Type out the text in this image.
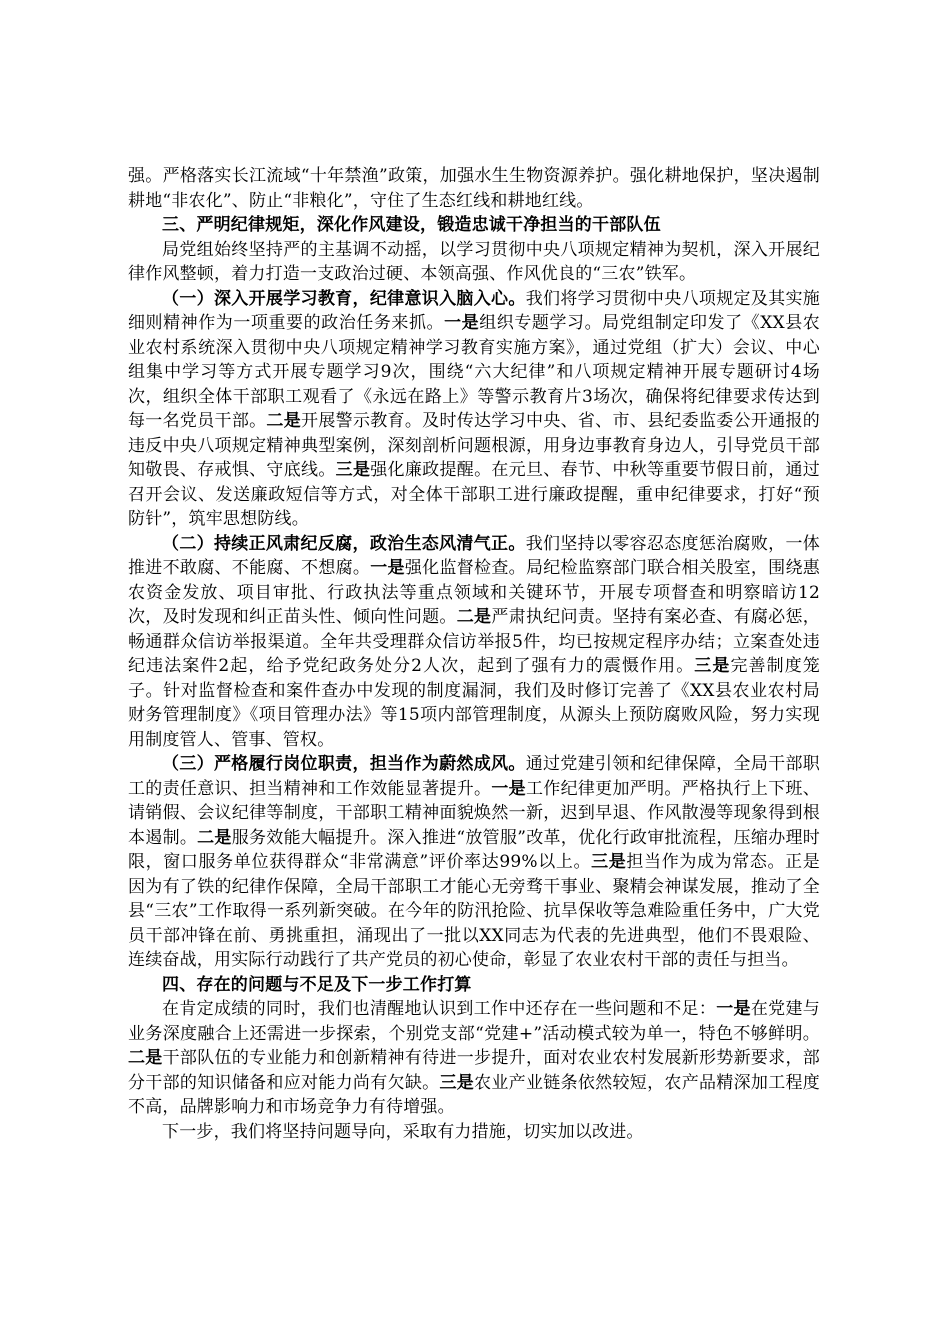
强。严格落实长江流域“十年禁渔”政策，加强水生生物资源养护。强化耕地保护，坚决遏制耕地“非农化”、防止“非粮化”，守住了生态红线和耕地红线。

三、严明纪律规矩，深化作风建设，锻造忠诚干净担当的干部队伍

局党组始终坚持严的主基调不动摇，以学习贯彻中央八项规定精神为契机，深入开展纪律作风整顿，着力打造一支政治过硬、本领高强、作风优良的“三农”铁军。

（一）深入开展学习教育，纪律意识入脑入心。我们将学习贯彻中央八项规定及其实施细则精神作为一项重要的政治任务来抓。一是组织专题学习。局党组制定印发了《XX县农业农村系统深入贯彻中央八项规定精神学习教育实施方案》，通过党组（扩大）会议、中心组集中学习等方式开展专题学习9次，围绕“六大纪律”和八项规定精神开展专题研讨4场次，组织全体干部职工观看了《永远在路上》等警示教育片3场次，确保将纪律要求传达到每一名党员干部。二是开展警示教育。及时传达学习中央、省、市、县纪委监委公开通报的违反中央八项规定精神典型案例，深刻剖析问题根源，用身边事教育身边人，引导党员干部知敬畏、存戒惧、守底线。三是强化廉政提醒。在元旦、春节、中秋等重要节假日前，通过召开会议、发送廉政短信等方式，对全体干部职工进行廉政提醒，重申纪律要求，打好“预防针”，筑牢思想防线。

（二）持续正风肃纪反腐，政治生态风清气正。我们坚持以零容忍态度惩治腐败，一体推进不敢腐、不能腐、不想腐。一是强化监督检查。局纪检监察部门联合相关股室，围绕惠农资金发放、项目审批、行政执法等重点领域和关键环节，开展专项督查和明察暗访12次，及时发现和纠正苗头性、倾向性问题。二是严肃执纪问责。坚持有案必查、有腐必惩，畅通群众信访举报渠道。全年共受理群众信访举报5件，均已按规定程序办结；立案查处违纪违法案件2起，给予党纪政务处分2人次，起到了强有力的震慑作用。三是完善制度笼子。针对监督检查和案件查办中发现的制度漏洞，我们及时修订完善了《XX县农业农村局财务管理制度》《项目管理办法》等15项内部管理制度，从源头上预防腐败风险，努力实现用制度管人、管事、管权。

（三）严格履行岗位职责，担当作为蔚然成风。通过党建引领和纪律保障，全局干部职工的责任意识、担当精神和工作效能显著提升。一是工作纪律更加严明。严格执行上下班、请销假、会议纪律等制度，干部职工精神面貌焕然一新，迟到早退、作风散漫等现象得到根本遏制。二是服务效能大幅提升。深入推进“放管服”改革，优化行政审批流程，压缩办理时限，窗口服务单位获得群众“非常满意”评价率达99%以上。三是担当作为成为常态。正是因为有了铁的纪律作保障，全局干部职工才能心无旁骛干事业、聚精会神谋发展，推动了全县“三农”工作取得一系列新突破。在今年的防汛抢险、抗旱保收等急难险重任务中，广大党员干部冲锋在前、勇挑重担，涌现出了一批以XX同志为代表的先进典型，他们不畏艰险、连续奋战，用实际行动践行了共产党员的初心使命，彰显了农业农村干部的责任与担当。

四、存在的问题与不足及下一步工作打算

在肯定成绩的同时，我们也清醒地认识到工作中还存在一些问题和不足：一是在党建与业务深度融合上还需进一步探索，个别党支部“党建+”活动模式较为单一，特色不够鲜明。二是干部队伍的专业能力和创新精神有待进一步提升，面对农业农村发展新形势新要求，部分干部的知识储备和应对能力尚有欠缺。三是农业产业链条依然较短，农产品精深加工程度不高，品牌影响力和市场竞争力有待增强。

下一步，我们将坚持问题导向，采取有力措施，切实加以改进。
